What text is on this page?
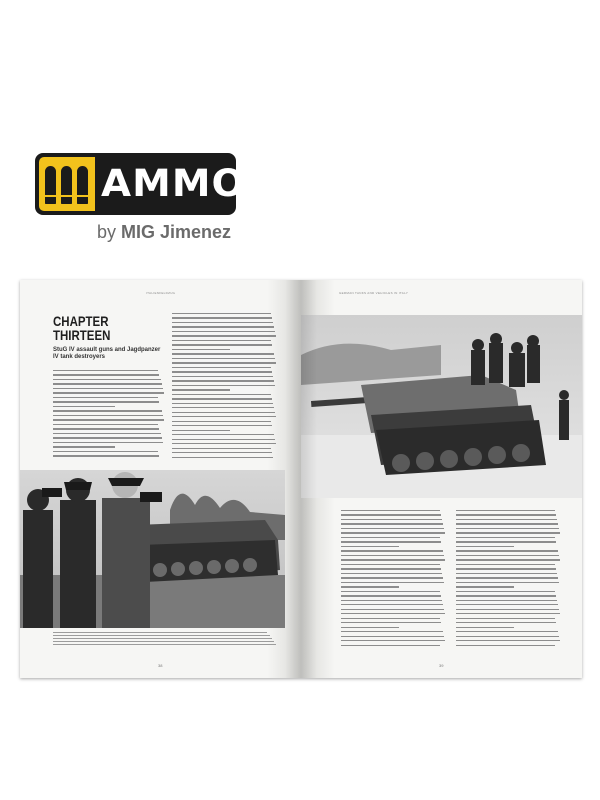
AMMO
by MIG Jimenez
ITALIENFELDZUG
CHAPTER
THIRTEEN
StuG IV assault guns and Jagdpanzer IV tank destroyers
38
GERMAN TANKS AND VEHICLES IN ITALY
39
